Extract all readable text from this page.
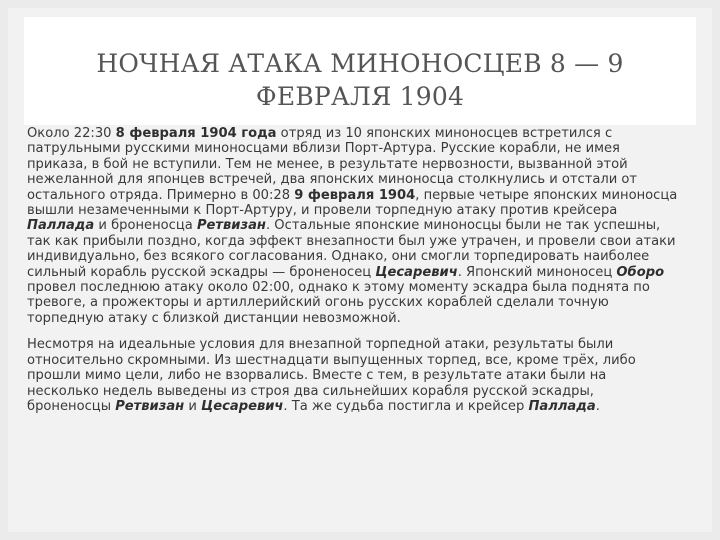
НОЧНАЯ АТАКА МИНОНОСЦЕВ 8 — 9
ФЕВРАЛЯ 1904

Около 22:30 8 февраля 1904 года отряд из 10 японских миноносцев встретился с патрульными русскими миноносцами вблизи Порт-Артура. Русские корабли, не имея приказа, в бой не вступили. Тем не менее, в результате нервозности, вызванной этой нежеланной для японцев встречей, два японских миноносца столкнулись и отстали от остального отряда. Примерно в 00:28 9 февраля 1904, первые четыре японских миноносца вышли незамеченными к Порт-Артуру, и провели торпедную атаку против крейсера Паллада и броненосца Ретвизан. Остальные японские миноносцы были не так успешны, так как прибыли поздно, когда эффект внезапности был уже утрачен, и провели свои атаки индивидуально, без всякого согласования. Однако, они смогли торпедировать наиболее сильный корабль русской эскадры — броненосец Цесаревич. Японский миноносец Оборо провел последнюю атаку около 02:00, однако к этому моменту эскадра была поднята по тревоге, а прожекторы и артиллерийский огонь русских кораблей сделали точную торпедную атаку с близкой дистанции невозможной.

Несмотря на идеальные условия для внезапной торпедной атаки, результаты были относительно скромными. Из шестнадцати выпущенных торпед, все, кроме трёх, либо прошли мимо цели, либо не взорвались. Вместе с тем, в результате атаки были на несколько недель выведены из строя два сильнейших корабля русской эскадры, броненосцы Ретвизан и Цесаревич. Та же судьба постигла и крейсер Паллада.
